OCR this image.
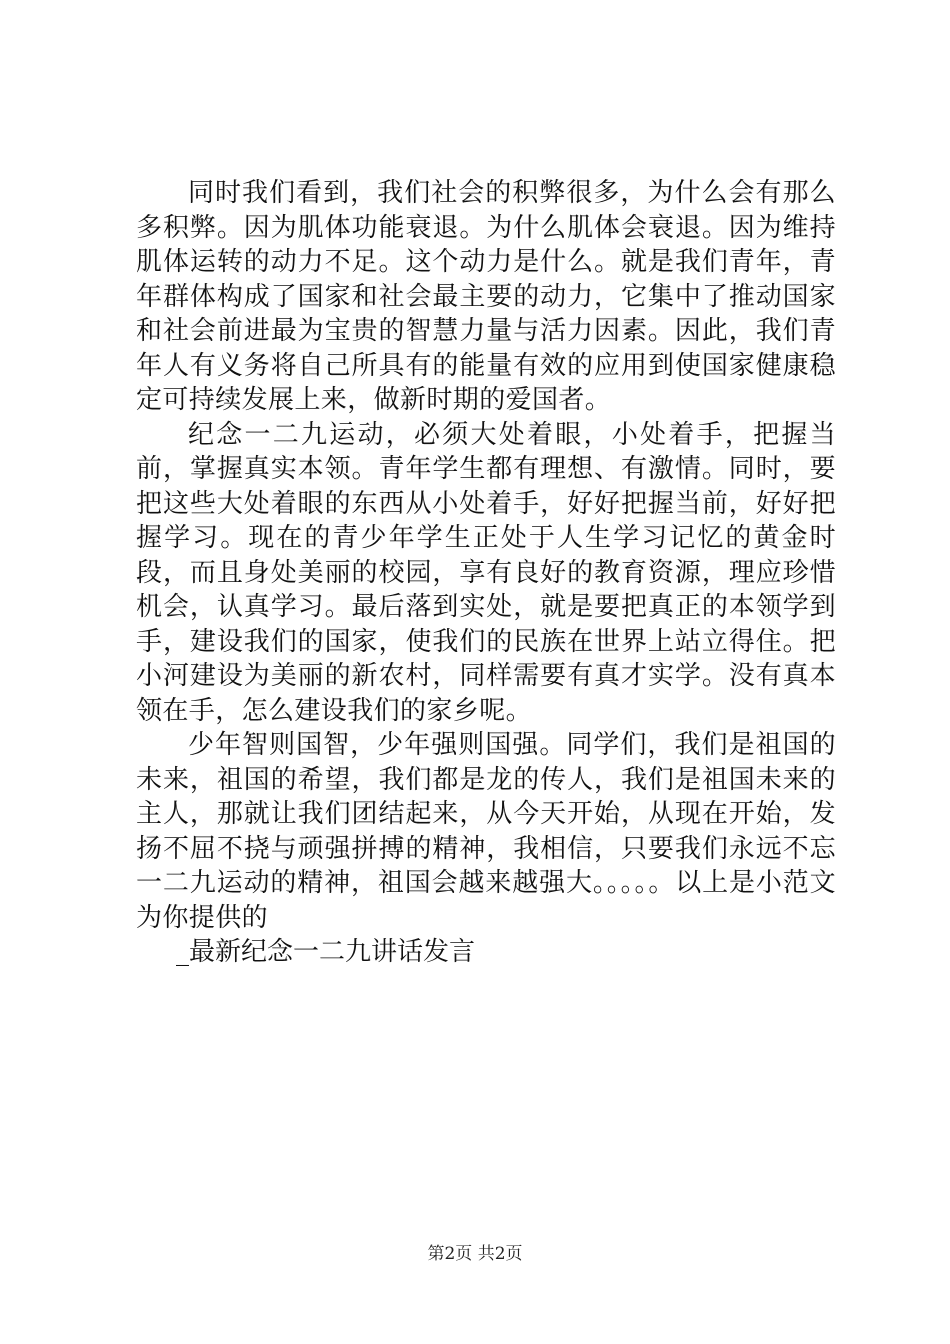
同时我们看到，我们社会的积弊很多，为什么会有那么多积弊。因为肌体功能衰退。为什么肌体会衰退。因为维持肌体运转的动力不足。这个动力是什么。就是我们青年，青年群体构成了国家和社会最主要的动力，它集中了推动国家和社会前进最为宝贵的智慧力量与活力因素。因此，我们青年人有义务将自己所具有的能量有效的应用到使国家健康稳定可持续发展上来，做新时期的爱国者。

纪念一二九运动，必须大处着眼，小处着手，把握当前，掌握真实本领。青年学生都有理想、有激情。同时，要把这些大处着眼的东西从小处着手，好好把握当前，好好把握学习。现在的青少年学生正处于人生学习记忆的黄金时段，而且身处美丽的校园，享有良好的教育资源，理应珍惜机会，认真学习。最后落到实处，就是要把真正的本领学到手，建设我们的国家，使我们的民族在世界上站立得住。把小河建设为美丽的新农村，同样需要有真才实学。没有真本领在手，怎么建设我们的家乡呢。

少年智则国智，少年强则国强。同学们，我们是祖国的未来，祖国的希望，我们都是龙的传人，我们是祖国未来的主人，那就让我们团结起来，从今天开始，从现在开始，发扬不屈不挠与顽强拼搏的精神，我相信，只要我们永远不忘一二九运动的精神，祖国会越来越强大。。。。。以上是小范文为你提供的

_最新纪念一二九讲话发言

第2页 共2页
